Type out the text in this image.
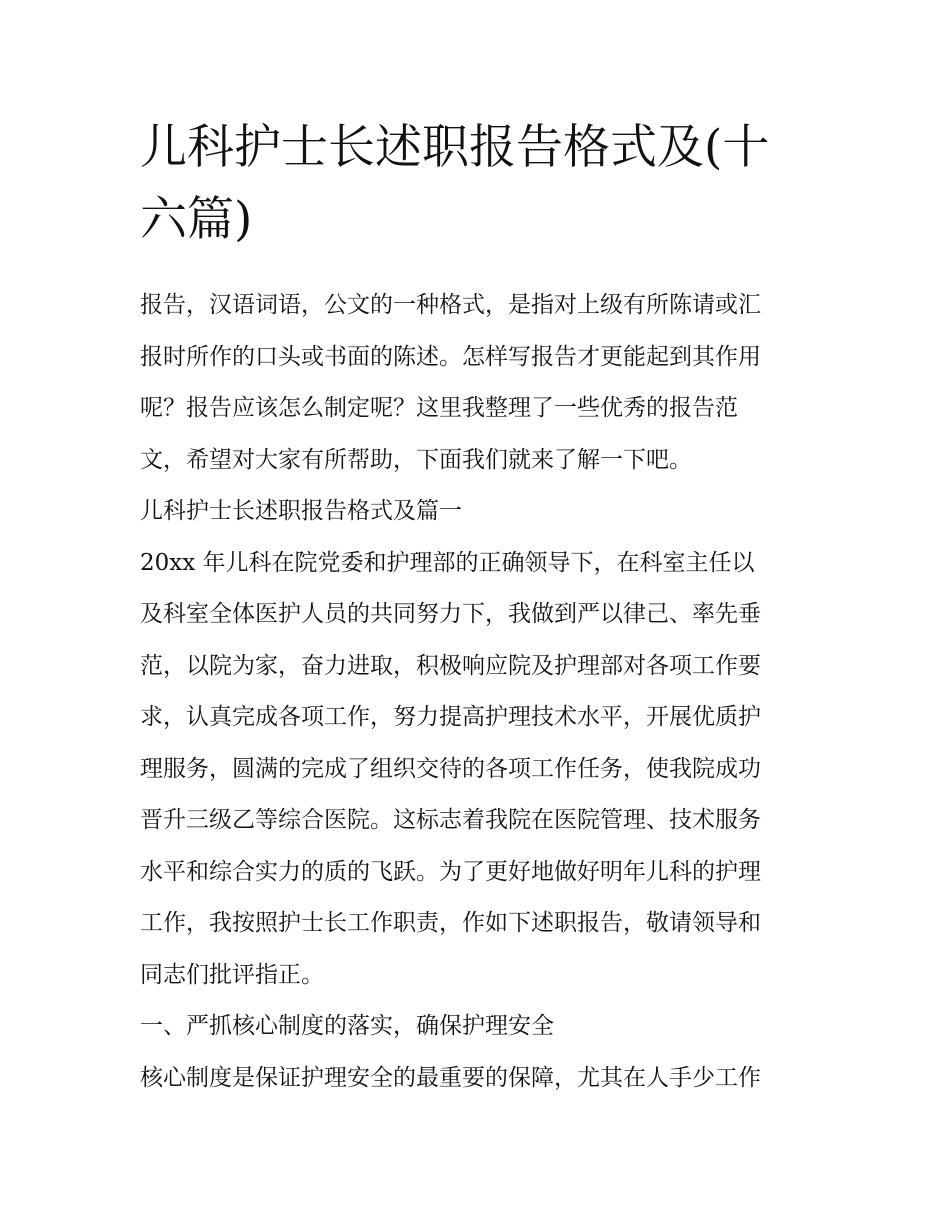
儿科护士长述职报告格式及(十
六篇)

报告，汉语词语，公文的一种格式，是指对上级有所陈请或汇

报时所作的口头或书面的陈述。怎样写报告才更能起到其作用

呢？报告应该怎么制定呢？这里我整理了一些优秀的报告范

文，希望对大家有所帮助，下面我们就来了解一下吧。

儿科护士长述职报告格式及篇一

20xx 年儿科在院党委和护理部的正确领导下，在科室主任以

及科室全体医护人员的共同努力下，我做到严以律己、率先垂

范，以院为家，奋力进取，积极响应院及护理部对各项工作要

求，认真完成各项工作，努力提高护理技术水平，开展优质护

理服务，圆满的完成了组织交待的各项工作任务，使我院成功

晋升三级乙等综合医院。这标志着我院在医院管理、技术服务

水平和综合实力的质的飞跃。为了更好地做好明年儿科的护理

工作，我按照护士长工作职责，作如下述职报告，敬请领导和

同志们批评指正。

一、严抓核心制度的落实，确保护理安全

核心制度是保证护理安全的最重要的保障，尤其在人手少工作
